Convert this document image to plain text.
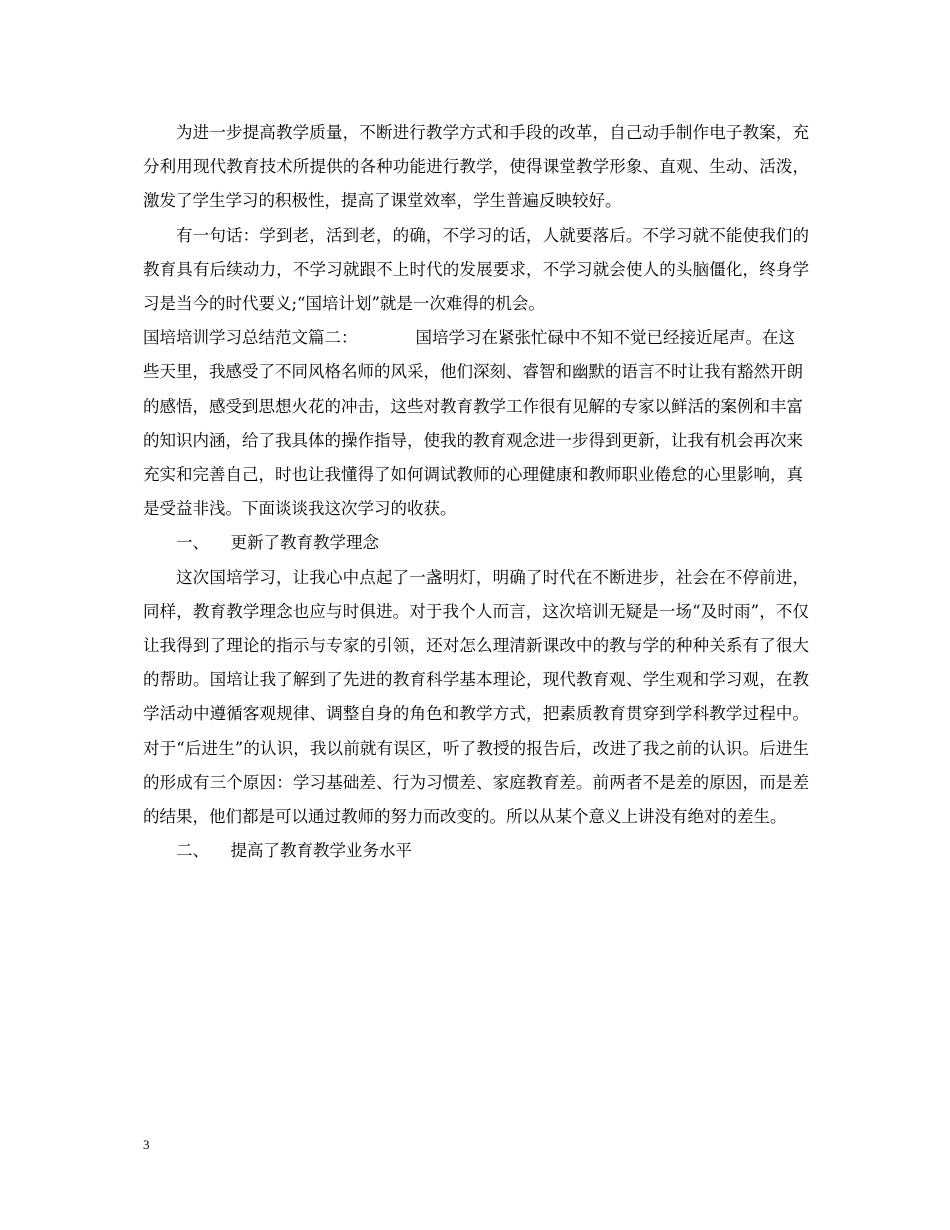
为进一步提高教学质量，不断进行教学方式和手段的改革，自己动手制作电子教案，充分利用现代教育技术所提供的各种功能进行教学，使得课堂教学形象、直观、生动、活泼，激发了学生学习的积极性，提高了课堂效率，学生普遍反映较好。

有一句话：学到老，活到老，的确，不学习的话，人就要落后。不学习就不能使我们的教育具有后续动力，不学习就跟不上时代的发展要求，不学习就会使人的头脑僵化，终身学习是当今的时代要义;“国培计划”就是一次难得的机会。

国培培训学习总结范文篇二：	国培学习在紧张忙碌中不知不觉已经接近尾声。在这些天里，我感受了不同风格名师的风采，他们深刻、睿智和幽默的语言不时让我有豁然开朗的感悟，感受到思想火花的冲击，这些对教育教学工作很有见解的专家以鲜活的案例和丰富的知识内涵，给了我具体的操作指导，使我的教育观念进一步得到更新，让我有机会再次来充实和完善自己，时也让我懂得了如何调试教师的心理健康和教师职业倦怠的心里影响，真是受益非浅。下面谈谈我这次学习的收获。

一、 更新了教育教学理念

这次国培学习，让我心中点起了一盏明灯，明确了时代在不断进步，社会在不停前进，同样，教育教学理念也应与时俱进。对于我个人而言，这次培训无疑是一场“及时雨”，不仅让我得到了理论的指示与专家的引领，还对怎么理清新课改中的教与学的种种关系有了很大的帮助。国培让我了解到了先进的教育科学基本理论，现代教育观、学生观和学习观，在教学活动中遵循客观规律、调整自身的角色和教学方式，把素质教育贯穿到学科教学过程中。对于“后进生”的认识，我以前就有误区，听了教授的报告后，改进了我之前的认识。后进生的形成有三个原因：学习基础差、行为习惯差、家庭教育差。前两者不是差的原因，而是差的结果，他们都是可以通过教师的努力而改变的。所以从某个意义上讲没有绝对的差生。

二、 提高了教育教学业务水平

3
